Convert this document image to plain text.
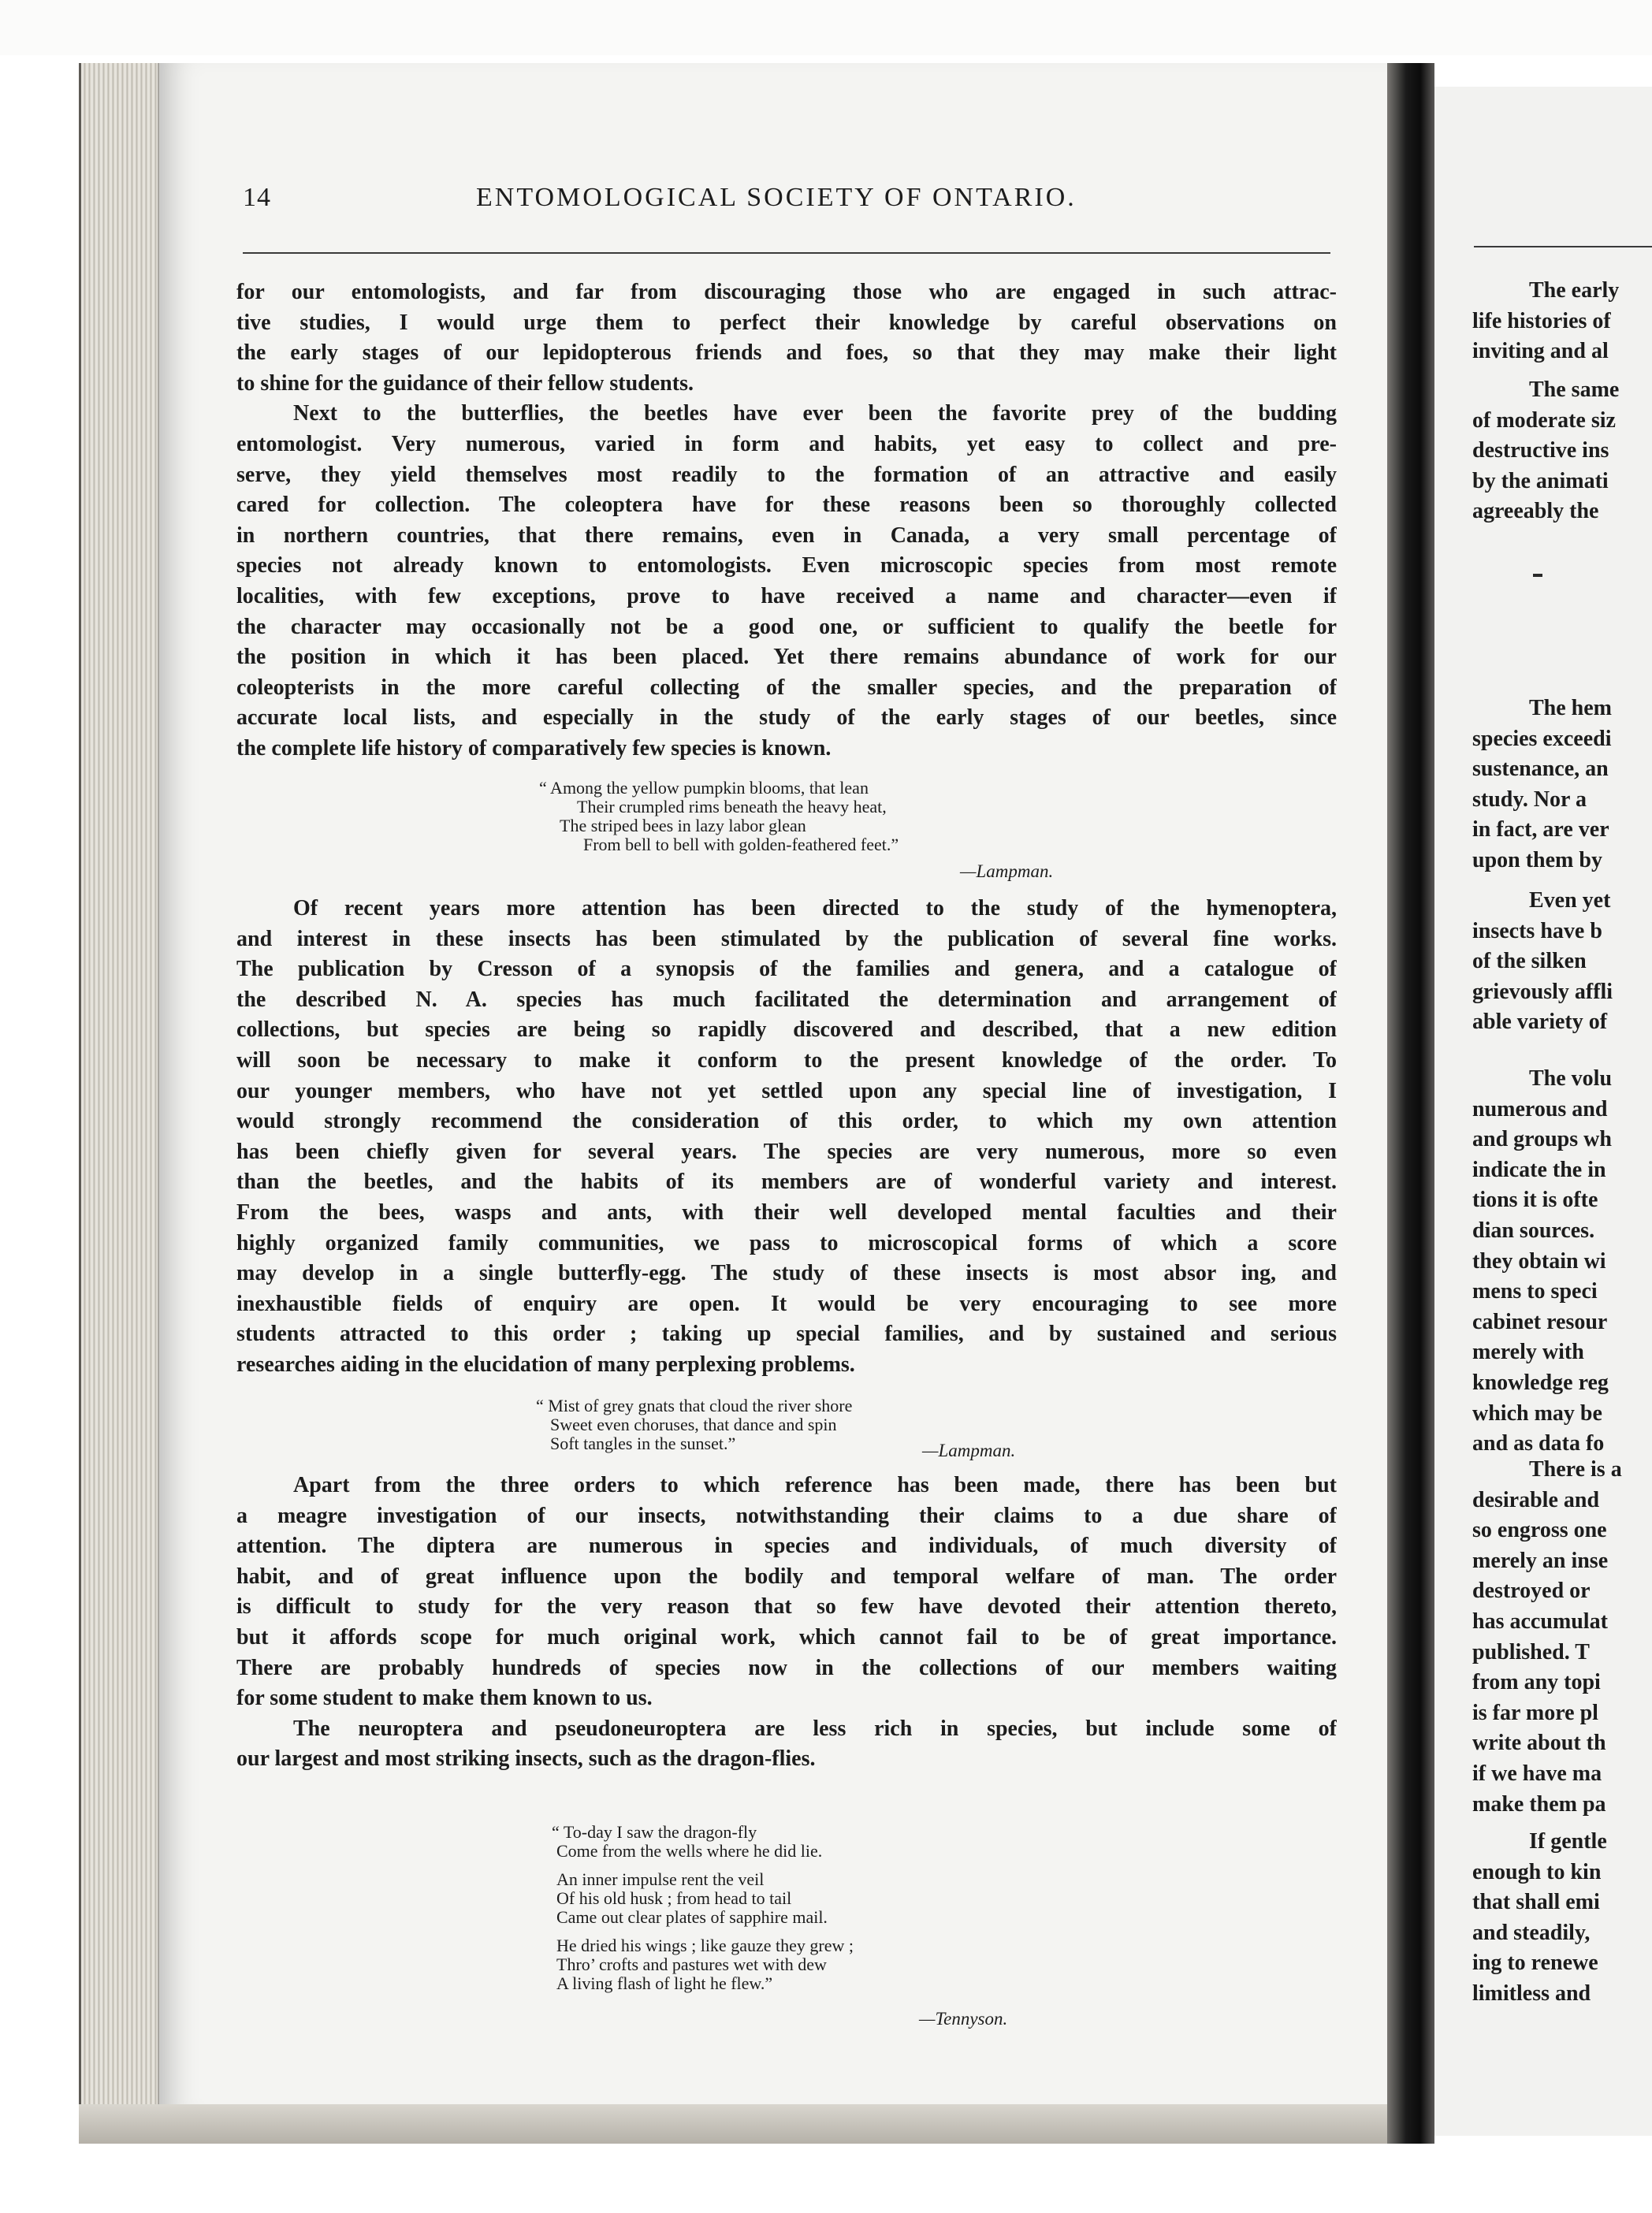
14	ENTOMOLOGICAL SOCIETY OF ONTARIO.
for our entomologists, and far from discouraging those who are engaged in such attrac-
tive studies, I would urge them to perfect their knowledge by careful observations on
the early stages of our lepidopterous friends and foes, so that they may make their light
to shine for the guidance of their fellow students.
Next to the butterflies, the beetles have ever been the favorite prey of the budding
entomologist. Very numerous, varied in form and habits, yet easy to collect and pre-
serve, they yield themselves most readily to the formation of an attractive and easily
cared for collection. The coleoptera have for these reasons been so thoroughly collected
in northern countries, that there remains, even in Canada, a very small percentage of
species not already known to entomologists. Even microscopic species from most remote
localities, with few exceptions, prove to have received a name and character—even if
the character may occasionally not be a good one, or sufficient to qualify the beetle for
the position in which it has been placed. Yet there remains abundance of work for our
coleopterists in the more careful collecting of the smaller species, and the preparation of
accurate local lists, and especially in the study of the early stages of our beetles, since
the complete life history of comparatively few species is known.
“ Among the yellow pumpkin blooms, that lean
Their crumpled rims beneath the heavy heat,
The striped bees in lazy labor glean
From bell to bell with golden-feathered feet.”
—Lampman.
Of recent years more attention has been directed to the study of the hymenoptera,
and interest in these insects has been stimulated by the publication of several fine works.
The publication by Cresson of a synopsis of the families and genera, and a catalogue of
the described N. A. species has much facilitated the determination and arrangement of
collections, but species are being so rapidly discovered and described, that a new edition
will soon be necessary to make it conform to the present knowledge of the order. To
our younger members, who have not yet settled upon any special line of investigation, I
would strongly recommend the consideration of this order, to which my own attention
has been chiefly given for several years. The species are very numerous, more so even
than the beetles, and the habits of its members are of wonderful variety and interest.
From the bees, wasps and ants, with their well developed mental faculties and their
highly organized family communities, we pass to microscopical forms of which a score
may develop in a single butterfly-egg. The study of these insects is most absor ing, and
inexhaustible fields of enquiry are open. It would be very encouraging to see more
students attracted to this order ; taking up special families, and by sustained and serious
researches aiding in the elucidation of many perplexing problems.
“ Mist of grey gnats that cloud the river shore
Sweet even choruses, that dance and spin
Soft tangles in the sunset.”	—Lampman.
Apart from the three orders to which reference has been made, there has been but
a meagre investigation of our insects, notwithstanding their claims to a due share of
attention. The diptera are numerous in species and individuals, of much diversity of
habit, and of great influence upon the bodily and temporal welfare of man. The order
is difficult to study for the very reason that so few have devoted their attention thereto,
but it affords scope for much original work, which cannot fail to be of great importance.
There are probably hundreds of species now in the collections of our members waiting
for some student to make them known to us.
The neuroptera and pseudoneuroptera are less rich in species, but include some of
our largest and most striking insects, such as the dragon-flies.
“ To-day I saw the dragon-fly
Come from the wells where he did lie.
An inner impulse rent the veil
Of his old husk ; from head to tail
Came out clear plates of sapphire mail.
He dried his wings ; like gauze they grew ;
Thro’ crofts and pastures wet with dew
A living flash of light he flew.”
—Tennyson.
The early
life histories of
inviting and al
The same
of moderate siz
destructive ins
by the animati
agreeably the
The hem
species exceedi
sustenance, an
study. Nor a
in fact, are ver
upon them by
Even yet
insects have b
of the silken
grievously affli
able variety of
The volu
numerous and
and groups wh
indicate the in
tions it is ofte
dian sources.
they obtain wi
mens to speci
cabinet resour
merely with
knowledge reg
which may be
and as data fo
There is a
desirable and
so engross one
merely an inse
destroyed or
has accumulat
published. T
from any topi
is far more pl
write about th
if we have ma
make them pa
If gentle
enough to kin
that shall emi
and steadily,
ing to renewe
limitless and
